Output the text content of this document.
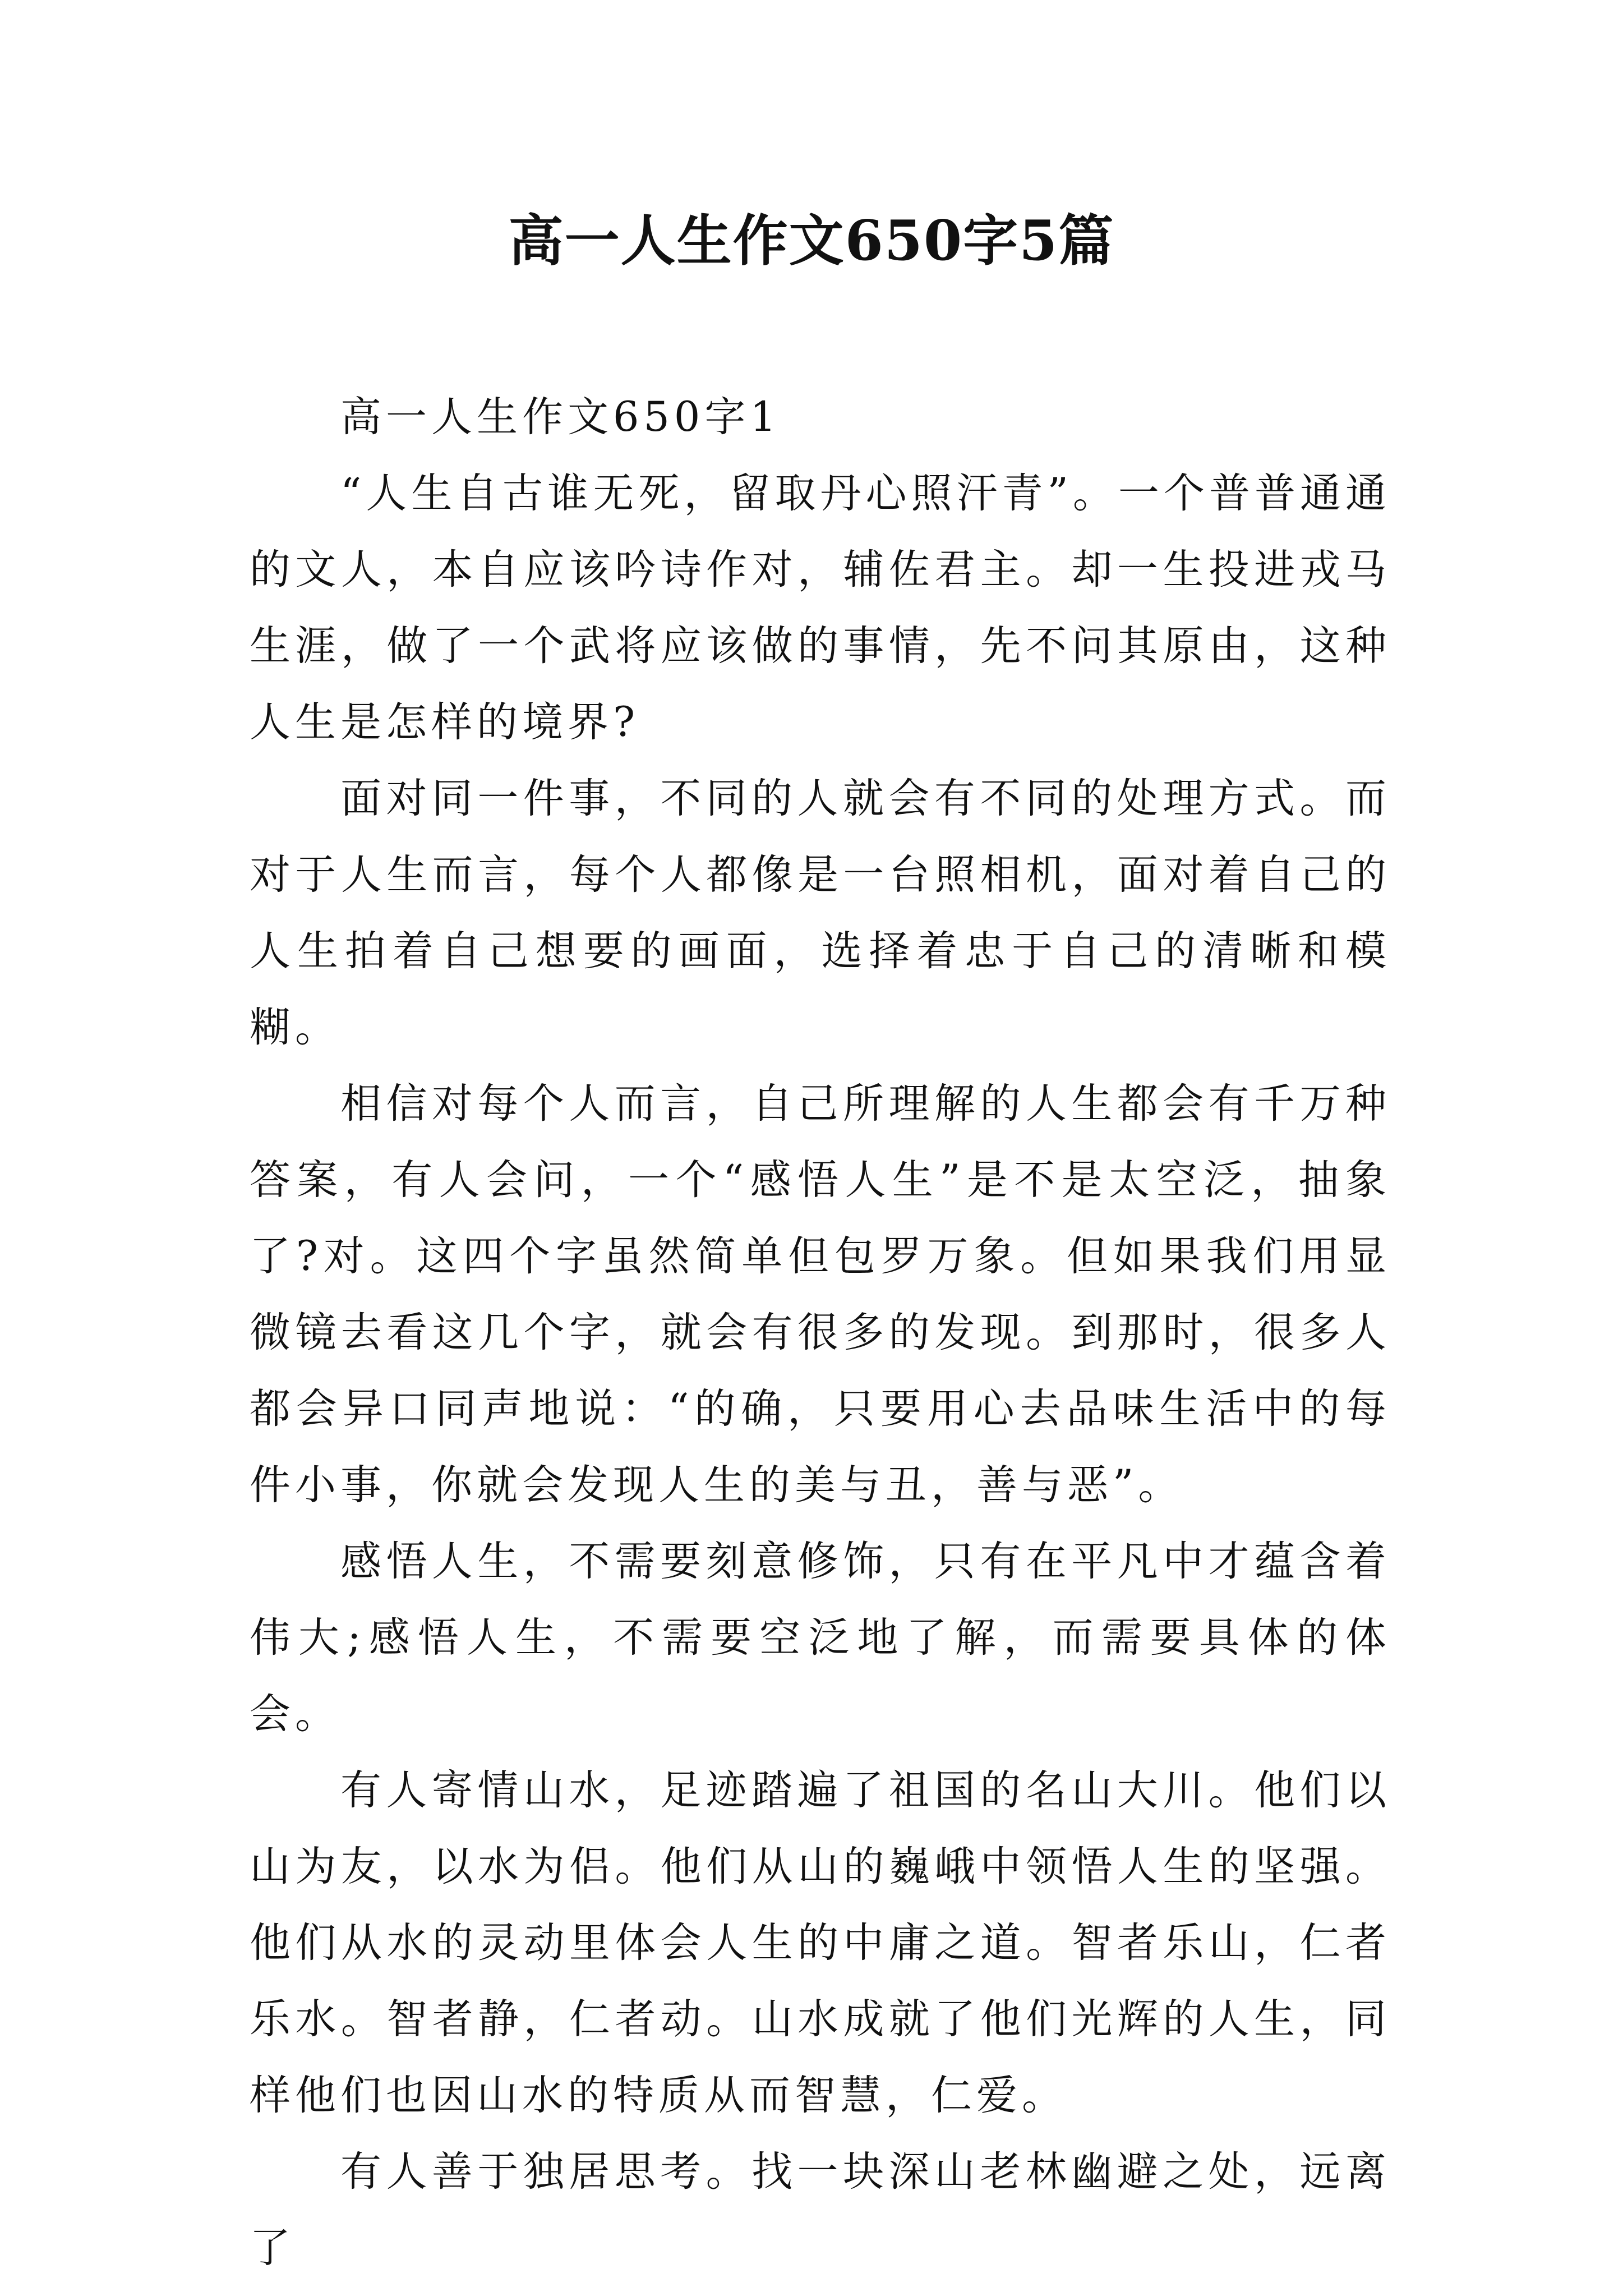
高一人生作文650字5篇

高一人生作文650字1

“人生自古谁无死，留取丹心照汗青”。一个普普通通的文人，本自应该吟诗作对，辅佐君主。却一生投进戎马生涯，做了一个武将应该做的事情，先不问其原由，这种人生是怎样的境界?

面对同一件事，不同的人就会有不同的处理方式。而对于人生而言，每个人都像是一台照相机，面对着自己的人生拍着自己想要的画面，选择着忠于自己的清晰和模糊。

相信对每个人而言，自己所理解的人生都会有千万种答案，有人会问，一个“感悟人生”是不是太空泛，抽象了?对。这四个字虽然简单但包罗万象。但如果我们用显微镜去看这几个字，就会有很多的发现。到那时，很多人都会异口同声地说：“的确，只要用心去品味生活中的每件小事，你就会发现人生的美与丑，善与恶”。

感悟人生，不需要刻意修饰，只有在平凡中才蕴含着伟大;感悟人生，不需要空泛地了解，而需要具体的体会。

有人寄情山水，足迹踏遍了祖国的名山大川。他们以山为友，以水为侣。他们从山的巍峨中领悟人生的坚强。他们从水的灵动里体会人生的中庸之道。智者乐山，仁者乐水。智者静，仁者动。山水成就了他们光辉的人生，同样他们也因山水的特质从而智慧，仁爱。

有人善于独居思考。找一块深山老林幽避之处，远离了
